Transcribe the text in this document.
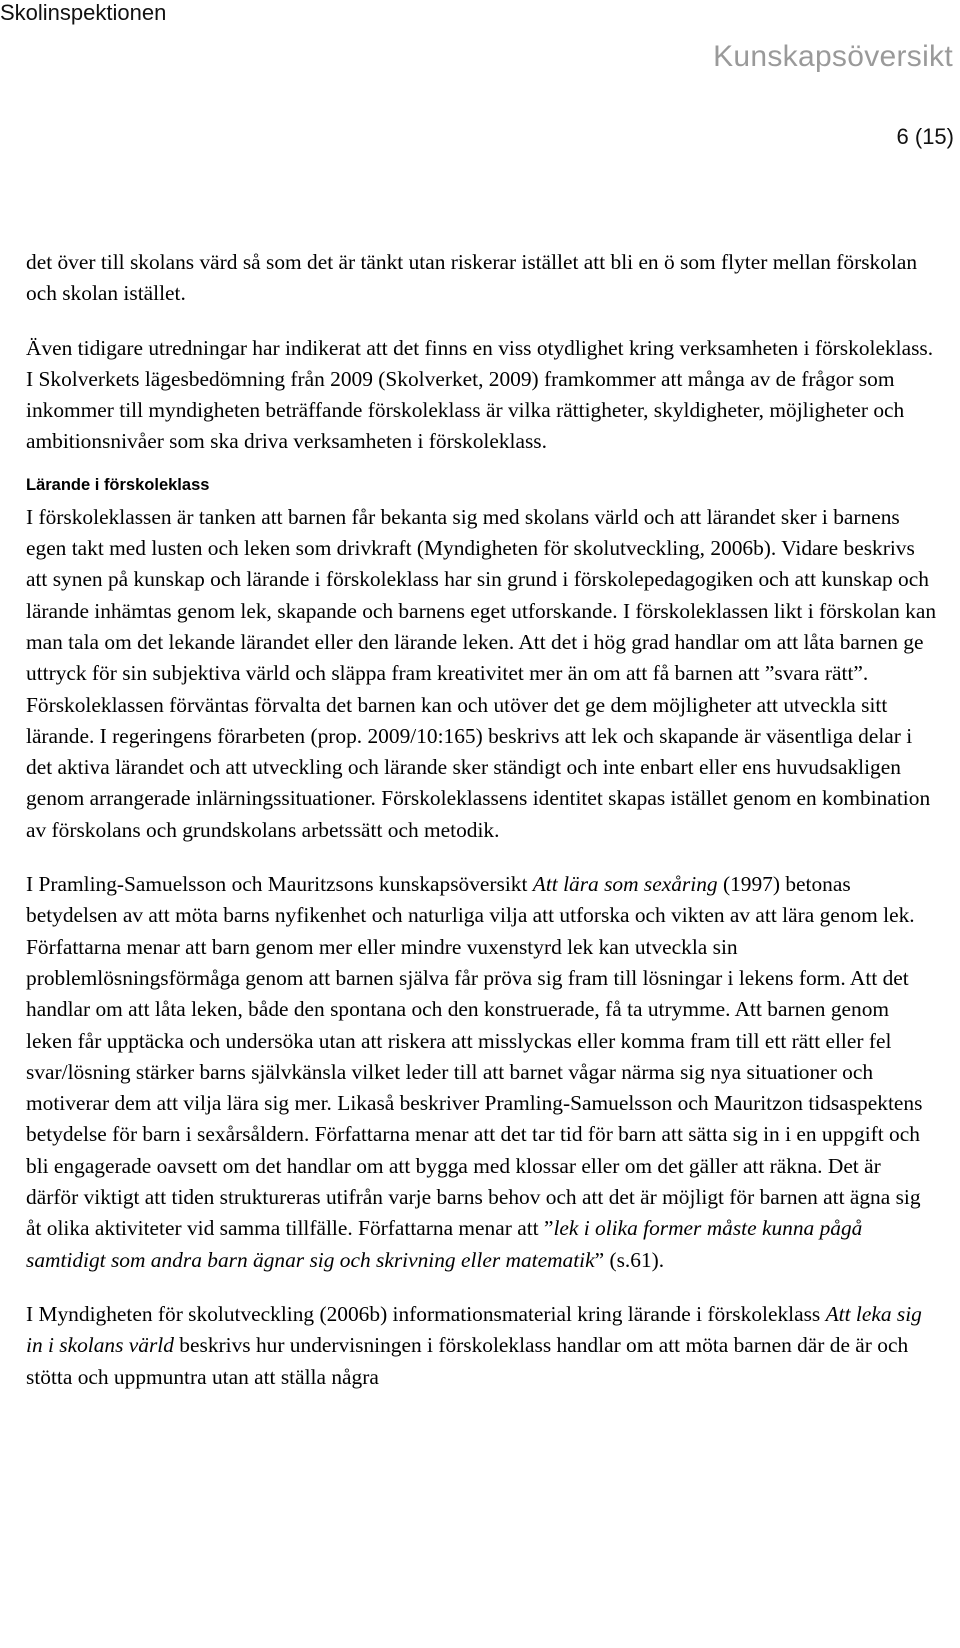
Skolinspektionen
Kunskapsöversikt
6 (15)

det över till skolans värd så som det är tänkt utan riskerar istället att bli en ö som flyter mellan förskolan och skolan istället.

Även tidigare utredningar har indikerat att det finns en viss otydlighet kring verksamheten i förskoleklass. I Skolverkets lägesbedömning från 2009 (Skolverket, 2009) framkommer att många av de frågor som inkommer till myndigheten beträffande förskoleklass är vilka rättigheter, skyldigheter, möjligheter och ambitionsnivåer som ska driva verksamheten i förskoleklass.

Lärande i förskoleklass

I förskoleklassen är tanken att barnen får bekanta sig med skolans värld och att lärandet sker i barnens egen takt med lusten och leken som drivkraft (Myndigheten för skolutveckling, 2006b). Vidare beskrivs att synen på kunskap och lärande i förskoleklass har sin grund i förskolepedagogiken och att kunskap och lärande inhämtas genom lek, skapande och barnens eget utforskande. I förskoleklassen likt i förskolan kan man tala om det lekande lärandet eller den lärande leken. Att det i hög grad handlar om att låta barnen ge uttryck för sin subjektiva värld och släppa fram kreativitet mer än om att få barnen att ”svara rätt”. Förskoleklassen förväntas förvalta det barnen kan och utöver det ge dem möjligheter att utveckla sitt lärande. I regeringens förarbeten (prop. 2009/10:165) beskrivs att lek och skapande är väsentliga delar i det aktiva lärandet och att utveckling och lärande sker ständigt och inte enbart eller ens huvudsakligen genom arrangerade inlärningssituationer. Förskoleklassens identitet skapas istället genom en kombination av förskolans och grundskolans arbetssätt och metodik.

I Pramling-Samuelsson och Mauritzsons kunskapsöversikt Att lära som sexåring (1997) betonas betydelsen av att möta barns nyfikenhet och naturliga vilja att utforska och vikten av att lära genom lek. Författarna menar att barn genom mer eller mindre vuxenstyrd lek kan utveckla sin problemlösningsförmåga genom att barnen själva får pröva sig fram till lösningar i lekens form. Att det handlar om att låta leken, både den spontana och den konstruerade, få ta utrymme. Att barnen genom leken får upptäcka och undersöka utan att riskera att misslyckas eller komma fram till ett rätt eller fel svar/lösning stärker barns självkänsla vilket leder till att barnet vågar närma sig nya situationer och motiverar dem att vilja lära sig mer. Likaså beskriver Pramling-Samuelsson och Mauritzon tidsaspektens betydelse för barn i sexårsåldern. Författarna menar att det tar tid för barn att sätta sig in i en uppgift och bli engagerade oavsett om det handlar om att bygga med klossar eller om det gäller att räkna. Det är därför viktigt att tiden struktureras utifrån varje barns behov och att det är möjligt för barnen att ägna sig åt olika aktiviteter vid samma tillfälle. Författarna menar att ”lek i olika former måste kunna pågå samtidigt som andra barn ägnar sig och skrivning eller matematik” (s.61).

I Myndigheten för skolutveckling (2006b) informationsmaterial kring lärande i förskoleklass Att leka sig in i skolans värld beskrivs hur undervisningen i förskoleklass handlar om att möta barnen där de är och stötta och uppmuntra utan att ställa några
